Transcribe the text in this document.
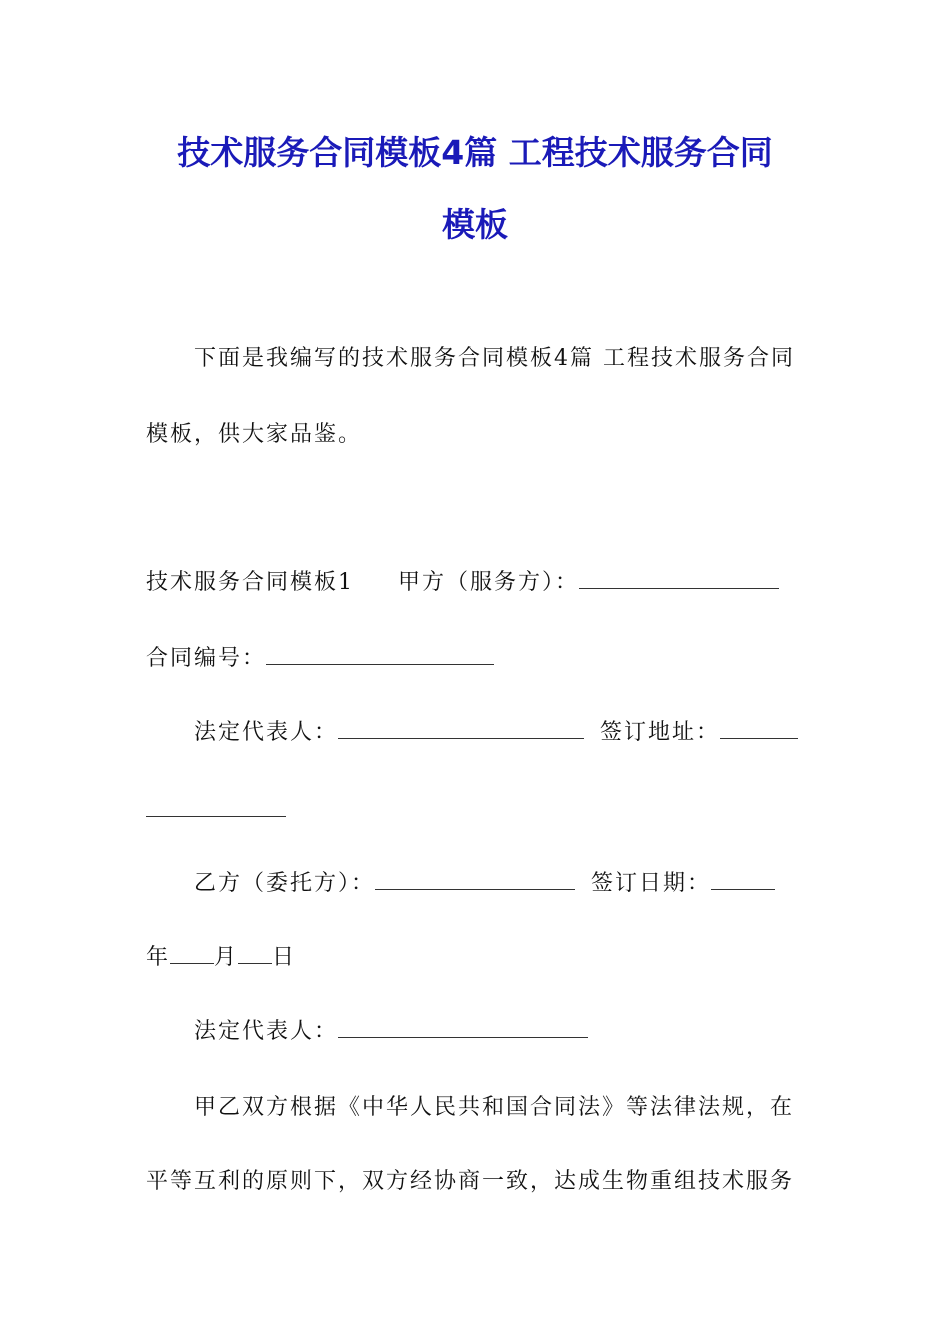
技术服务合同模板4篇 工程技术服务合同
模板
下面是我编写的技术服务合同模板4篇 工程技术服务合同
模板，供大家品鉴。
技术服务合同模板1 甲方（服务方）：
合同编号：
法定代表人：	签订地址：
乙方（委托方）：	签订日期：
年 月 日
法定代表人：
甲乙双方根据《中华人民共和国合同法》等法律法规，在
平等互利的原则下，双方经协商一致，达成生物重组技术服务
